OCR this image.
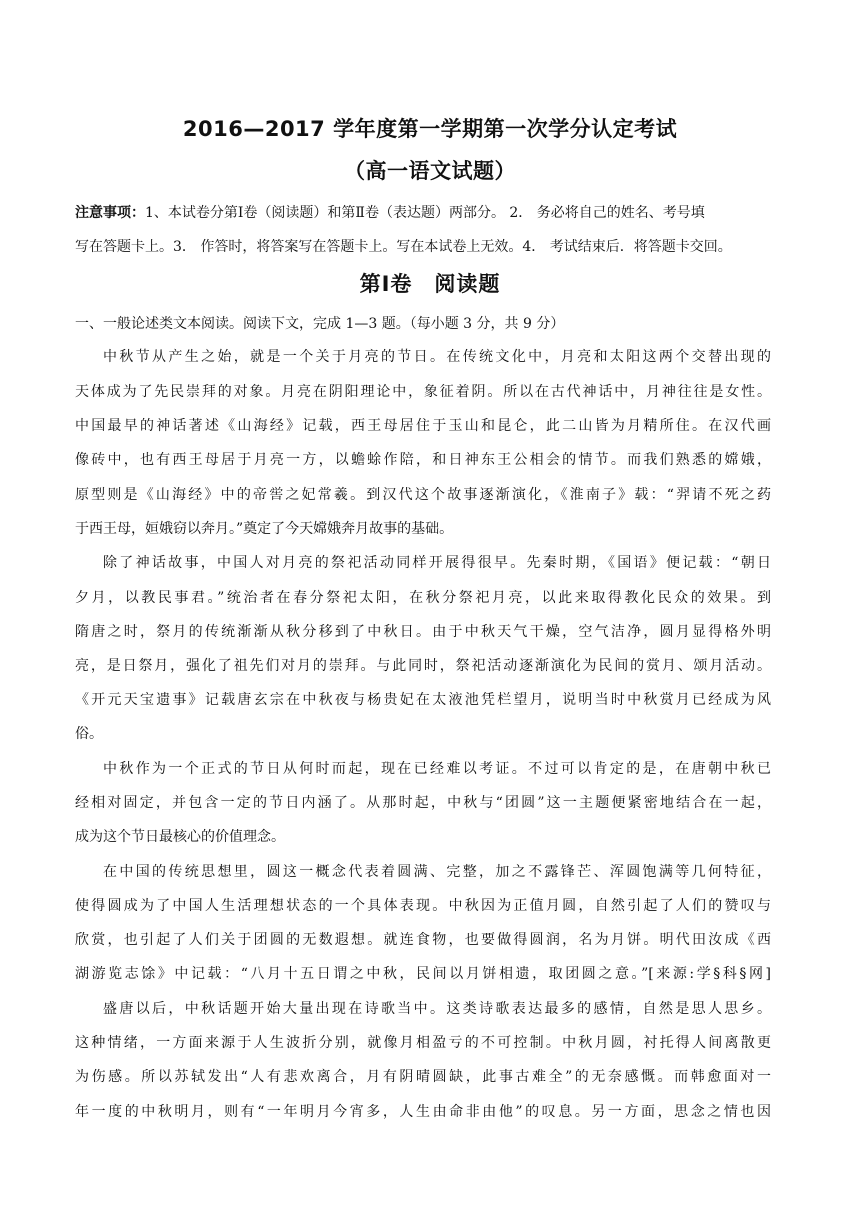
2016—2017 学年度第一学期第一次学分认定考试
（高一语文试题）
注意事项：1、本试卷分第Ⅰ卷（阅读题）和第Ⅱ卷（表达题）两部分。 2． 务必将自己的姓名、考号填
写在答题卡上。3． 作答时，将答案写在答题卡上。写在本试卷上无效。4． 考试结束后．将答题卡交回。
第Ⅰ卷　阅读题
一、一般论述类文本阅读。阅读下文，完成 1—3 题。（每小题 3 分，共 9 分）
中秋节从产生之始，就是一个关于月亮的节日。在传统文化中，月亮和太阳这两个交替出现的
天体成为了先民崇拜的对象。月亮在阴阳理论中，象征着阴。所以在古代神话中，月神往往是女性。
中国最早的神话著述《山海经》记载，西王母居住于玉山和昆仑，此二山皆为月精所住。在汉代画
像砖中，也有西王母居于月亮一方，以蟾蜍作陪，和日神东王公相会的情节。而我们熟悉的嫦娥，
原型则是《山海经》中的帝喾之妃常羲。到汉代这个故事逐渐演化，《淮南子》载：“羿请不死之药
于西王母，姮娥窃以奔月。”奠定了今天嫦娥奔月故事的基础。
除了神话故事，中国人对月亮的祭祀活动同样开展得很早。先秦时期，《国语》便记载：“朝日
夕月，以教民事君。”统治者在春分祭祀太阳，在秋分祭祀月亮，以此来取得教化民众的效果。到
隋唐之时，祭月的传统渐渐从秋分移到了中秋日。由于中秋天气干燥，空气洁净，圆月显得格外明
亮，是日祭月，强化了祖先们对月的崇拜。与此同时，祭祀活动逐渐演化为民间的赏月、颂月活动。
《开元天宝遗事》记载唐玄宗在中秋夜与杨贵妃在太液池凭栏望月，说明当时中秋赏月已经成为风
俗。
中秋作为一个正式的节日从何时而起，现在已经难以考证。不过可以肯定的是，在唐朝中秋已
经相对固定，并包含一定的节日内涵了。从那时起，中秋与“团圆”这一主题便紧密地结合在一起，
成为这个节日最核心的价值理念。
在中国的传统思想里，圆这一概念代表着圆满、完整，加之不露锋芒、浑圆饱满等几何特征，
使得圆成为了中国人生活理想状态的一个具体表现。中秋因为正值月圆，自然引起了人们的赞叹与
欣赏，也引起了人们关于团圆的无数遐想。就连食物，也要做得圆润，名为月饼。明代田汝成《西
湖游览志馀》中记载：“八月十五日谓之中秋，民间以月饼相遗，取团圆之意。”[来源:学§科§网]
盛唐以后，中秋话题开始大量出现在诗歌当中。这类诗歌表达最多的感情，自然是思人思乡。
这种情绪，一方面来源于人生波折分别，就像月相盈亏的不可控制。中秋月圆，衬托得人间离散更
为伤感。所以苏轼发出“人有悲欢离合，月有阴晴圆缺，此事古难全”的无奈感慨。而韩愈面对一
年一度的中秋明月，则有“一年明月今宵多，人生由命非由他”的叹息。另一方面，思念之情也因
